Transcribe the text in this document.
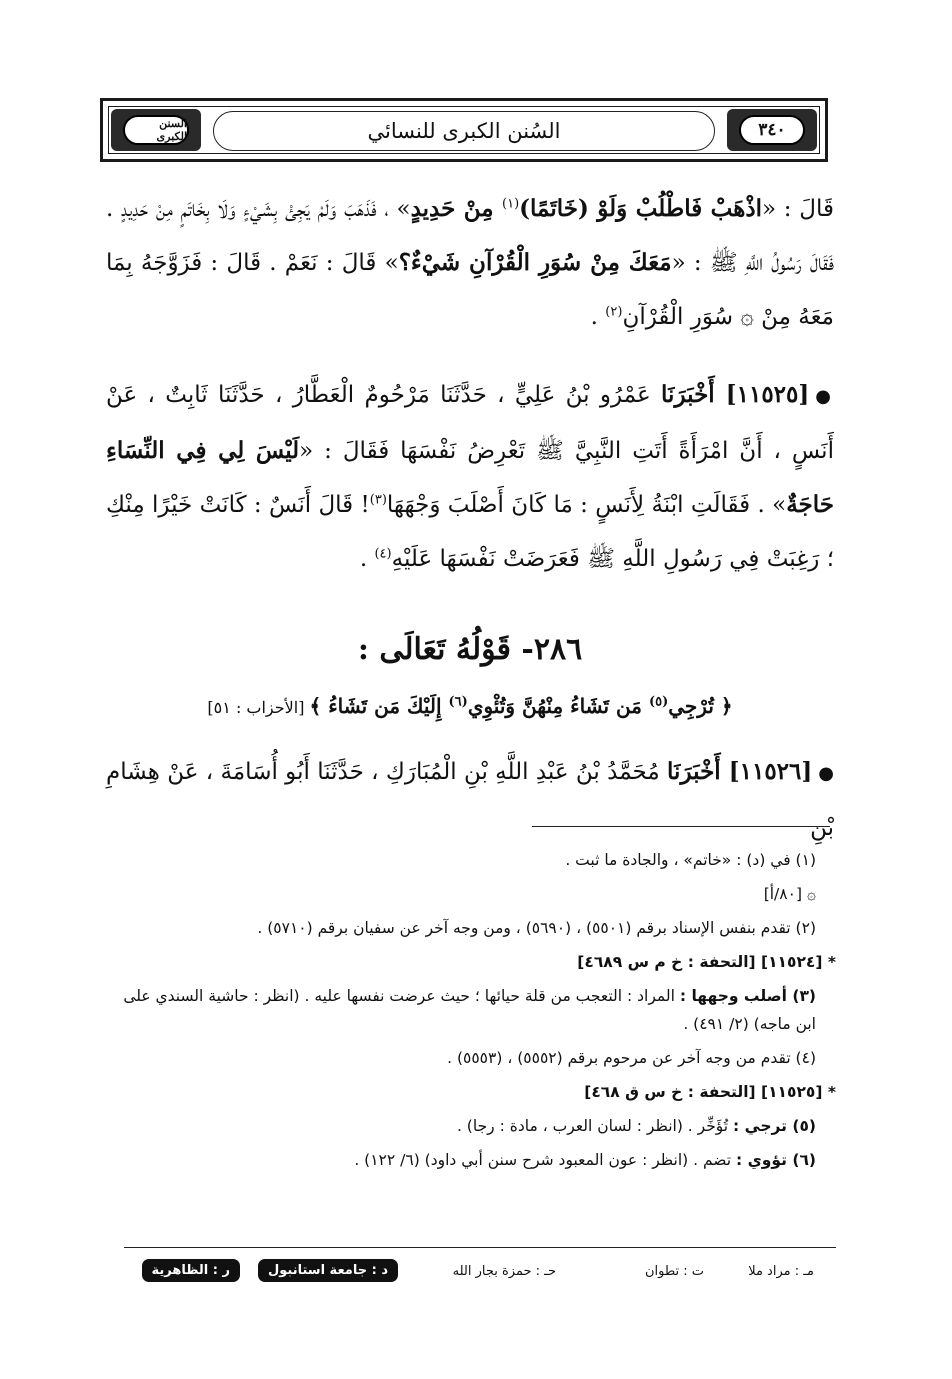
٣٤٠
السُنن الكبرى للنسائي
السنن الكبرى
قَالَ : «اذْهَبْ فَاطْلُبْ وَلَوْ (خَاتَمًا)$^{(١)}$ مِنْ حَدِيدٍ» ، فَذَهَبَ وَلَمْ يَجِئْ بِشَيْءٍ وَلَا بِخَاتَمٍ مِنْ حَدِيدٍ . فَقَالَ رَسُولُ اللَّهِ ﷺ : «مَعَكَ مِنْ سُوَرِ الْقُرْآنِ شَيْءٌ؟» قَالَ : نَعَمْ . قَالَ : فَزَوَّجَهُ بِمَا مَعَهُ مِنْ ۞ سُوَرِ الْقُرْآنِ$^{(٢)}$ .
●[١١٥٢٥] أَخْبَرَنَا عَمْرُو بْنُ عَلِيٍّ ، حَدَّثَنَا مَرْحُومٌ الْعَطَّارُ ، حَدَّثَنَا ثَابِتٌ ، عَنْ أَنَسٍ ، أَنَّ امْرَأَةً أَتَتِ النَّبِيَّ ﷺ تَعْرِضُ نَفْسَهَا فَقَالَ : «لَيْسَ لِي فِي النِّسَاءِ حَاجَةٌ» . فَقَالَتِ ابْنَةُ لِأَنَسٍ : مَا كَانَ أَصْلَبَ وَجْهَهَا$^{(٣)}$! قَالَ أَنَسٌ : كَانَتْ خَيْرًا مِنْكِ ؛ رَغِبَتْ فِي رَسُولِ اللَّهِ ﷺ فَعَرَضَتْ نَفْسَهَا عَلَيْهِ$^{(٤)}$ .
٢٨٦- قَوْلُهُ تَعَالَى :
﴿ تُرْجِي$^{(٥)}$ مَن تَشَاءُ مِنْهُنَّ وَتُئْوِي$^{(٦)}$ إِلَيْكَ مَن تَشَاءُ ﴾ [الأحزاب : ٥١]
●[١١٥٢٦] أَخْبَرَنَا مُحَمَّدُ بْنُ عَبْدِ اللَّهِ بْنِ الْمُبَارَكِ ، حَدَّثَنَا أَبُو أُسَامَةَ ، عَنْ هِشَامِ بْنِ
(١) في (د) : «خاتم» ، والجادة ما ثبت .
۞ [٨٠/أ]
(٢) تقدم بنفس الإسناد برقم (٥٥٠١) ، (٥٦٩٠) ، ومن وجه آخر عن سفيان برقم (٥٧١٠) .
* [١١٥٢٤] [التحفة : خ م س ٤٦٨٩]
(٣) أصلب وجهها : المراد : التعجب من قلة حيائها ؛ حيث عرضت نفسها عليه . (انظر : حاشية السندي على ابن ماجه) (٢/ ٤٩١) .
(٤) تقدم من وجه آخر عن مرحوم برقم (٥٥٥٢) ، (٥٥٥٣) .
* [١١٥٢٥] [التحفة : خ س ق ٤٦٨]
(٥) ترجي : تُؤَخِّر . (انظر : لسان العرب ، مادة : رجا) .
(٦) تؤوي : تضم . (انظر : عون المعبود شرح سنن أبي داود) (٦/ ١٢٢) .
مـ : مراد ملا
ت : تطوان
حـ : حمزة بجار الله
د : جامعة استانبول
ر : الظاهرية
